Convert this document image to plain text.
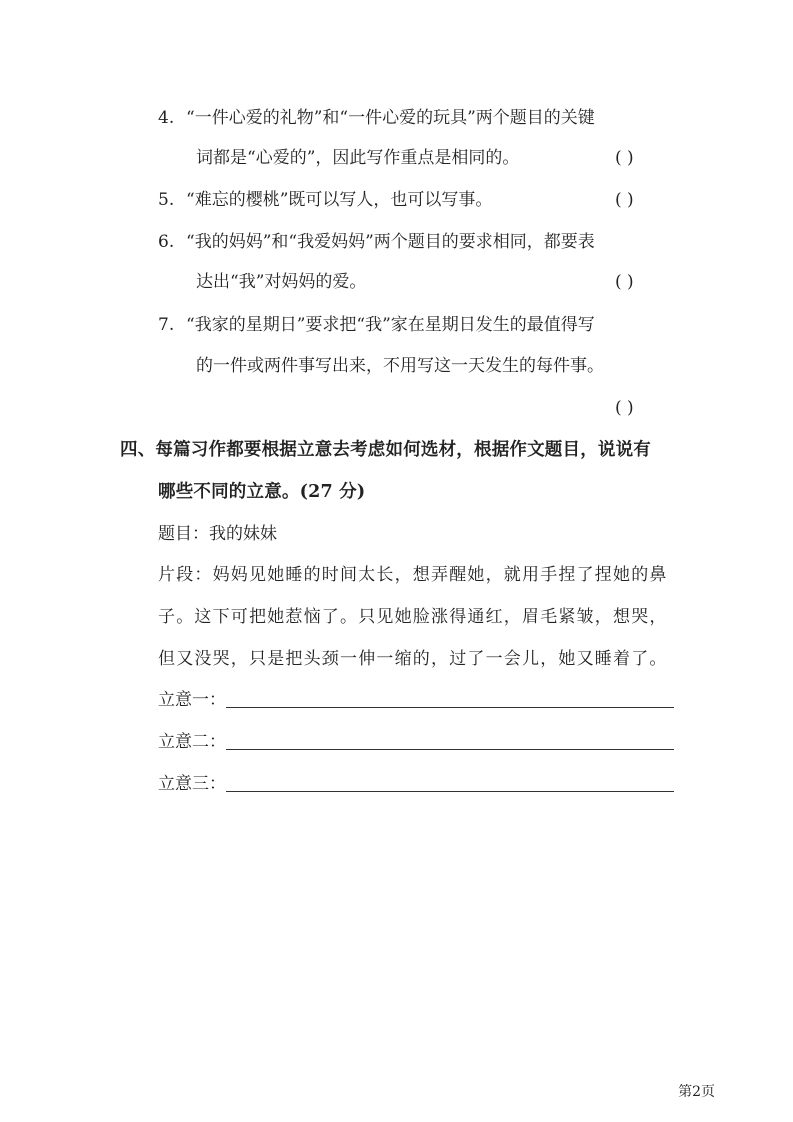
4. “一件心爱的礼物”和“一件心爱的玩具”两个题目的关键
词都是“心爱的”，因此写作重点是相同的。	( )
5. “难忘的樱桃”既可以写人，也可以写事。	( )
6. “我的妈妈”和“我爱妈妈”两个题目的要求相同，都要表
达出“我”对妈妈的爱。	( )
7. “我家的星期日”要求把“我”家在星期日发生的最值得写
的一件或两件事写出来，不用写这一天发生的每件事。
( )
四、每篇习作都要根据立意去考虑如何选材，根据作文题目，说说有
哪些不同的立意。(27 分)
题目：我的妹妹
片段：妈妈见她睡的时间太长，想弄醒她，就用手捏了捏她的鼻
子。这下可把她惹恼了。只见她脸涨得通红，眉毛紧皱，想哭，
但又没哭，只是把头颈一伸一缩的，过了一会儿，她又睡着了。
立意一：
立意二：
立意三：
第2页
